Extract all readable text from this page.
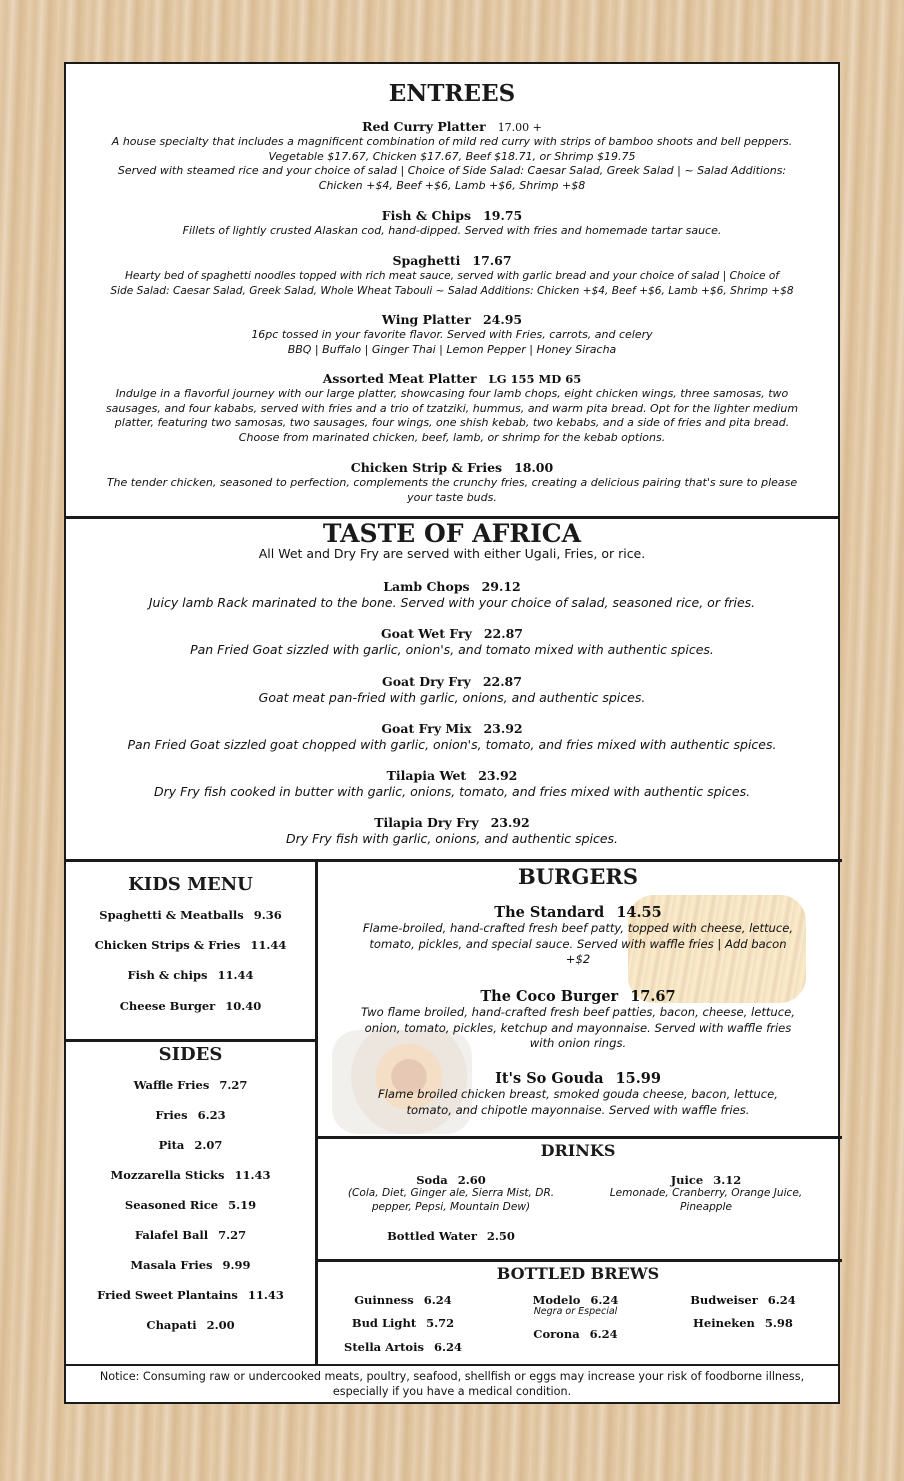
ENTREES
Red Curry Platter 17.00 +
A house specialty that includes a magnificent combination of mild red curry with strips of bamboo shoots and bell peppers.
Vegetable $17.67, Chicken $17.67, Beef $18.71, or Shrimp $19.75
Served with steamed rice and your choice of salad | Choice of Side Salad: Caesar Salad, Greek Salad | ~ Salad Additions:
Chicken +$4, Beef +$6, Lamb +$6, Shrimp +$8
Fish & Chips 19.75
Fillets of lightly crusted Alaskan cod, hand-dipped. Served with fries and homemade tartar sauce.
Spaghetti 17.67
Hearty bed of spaghetti noodles topped with rich meat sauce, served with garlic bread and your choice of salad | Choice of
Side Salad: Caesar Salad, Greek Salad, Whole Wheat Tabouli ~ Salad Additions: Chicken +$4, Beef +$6, Lamb +$6, Shrimp +$8
Wing Platter 24.95
16pc tossed in your favorite flavor. Served with Fries, carrots, and celery
BBQ | Buffalo | Ginger Thai | Lemon Pepper | Honey Siracha
Assorted Meat Platter LG 155 MD 65
Indulge in a flavorful journey with our large platter, showcasing four lamb chops, eight chicken wings, three samosas, two
sausages, and four kababs, served with fries and a trio of tzatziki, hummus, and warm pita bread. Opt for the lighter medium
platter, featuring two samosas, two sausages, four wings, one shish kebab, two kebabs, and a side of fries and pita bread.
Choose from marinated chicken, beef, lamb, or shrimp for the kebab options.
Chicken Strip & Fries 18.00
The tender chicken, seasoned to perfection, complements the crunchy fries, creating a delicious pairing that's sure to please
your taste buds.
TASTE OF AFRICA
All Wet and Dry Fry are served with either Ugali, Fries, or rice.
Lamb Chops 29.12
Juicy lamb Rack marinated to the bone. Served with your choice of salad, seasoned rice, or fries.
Goat Wet Fry 22.87
Pan Fried Goat sizzled with garlic, onion's, and tomato mixed with authentic spices.
Goat Dry Fry 22.87
Goat meat pan-fried with garlic, onions, and authentic spices.
Goat Fry Mix 23.92
Pan Fried Goat sizzled goat chopped with garlic, onion's, tomato, and fries mixed with authentic spices.
Tilapia Wet 23.92
Dry Fry fish cooked in butter with garlic, onions, tomato, and fries mixed with authentic spices.
Tilapia Dry Fry 23.92
Dry Fry fish with garlic, onions, and authentic spices.
KIDS MENU
Spaghetti & Meatballs 9.36
Chicken Strips & Fries 11.44
Fish & chips 11.44
Cheese Burger 10.40
SIDES
Waffle Fries 7.27
Fries 6.23
Pita 2.07
Mozzarella Sticks 11.43
Seasoned Rice 5.19
Falafel Ball 7.27
Masala Fries 9.99
Fried Sweet Plantains 11.43
Chapati 2.00
BURGERS
The Standard 14.55
Flame-broiled, hand-crafted fresh beef patty, topped with cheese, lettuce,
tomato, pickles, and special sauce. Served with waffle fries | Add bacon
+$2
The Coco Burger 17.67
Two flame broiled, hand-crafted fresh beef patties, bacon, cheese, lettuce,
onion, tomato, pickles, ketchup and mayonnaise. Served with waffle fries
with onion rings.
It's So Gouda 15.99
Flame broiled chicken breast, smoked gouda cheese, bacon, lettuce,
tomato, and chipotle mayonnaise. Served with waffle fries.
DRINKS
Soda 2.60
(Cola, Diet, Ginger ale, Sierra Mist, DR.
pepper, Pepsi, Mountain Dew)
Juice 3.12
Lemonade, Cranberry, Orange Juice,
Pineapple
Bottled Water 2.50
BOTTLED BREWS
Guinness 6.24
Bud Light 5.72
Stella Artois 6.24
Modelo 6.24
Negra or Especial
Corona 6.24
Budweiser 6.24
Heineken 5.98
Notice: Consuming raw or undercooked meats, poultry, seafood, shellfish or eggs may increase your risk of foodborne illness,
especially if you have a medical condition.
